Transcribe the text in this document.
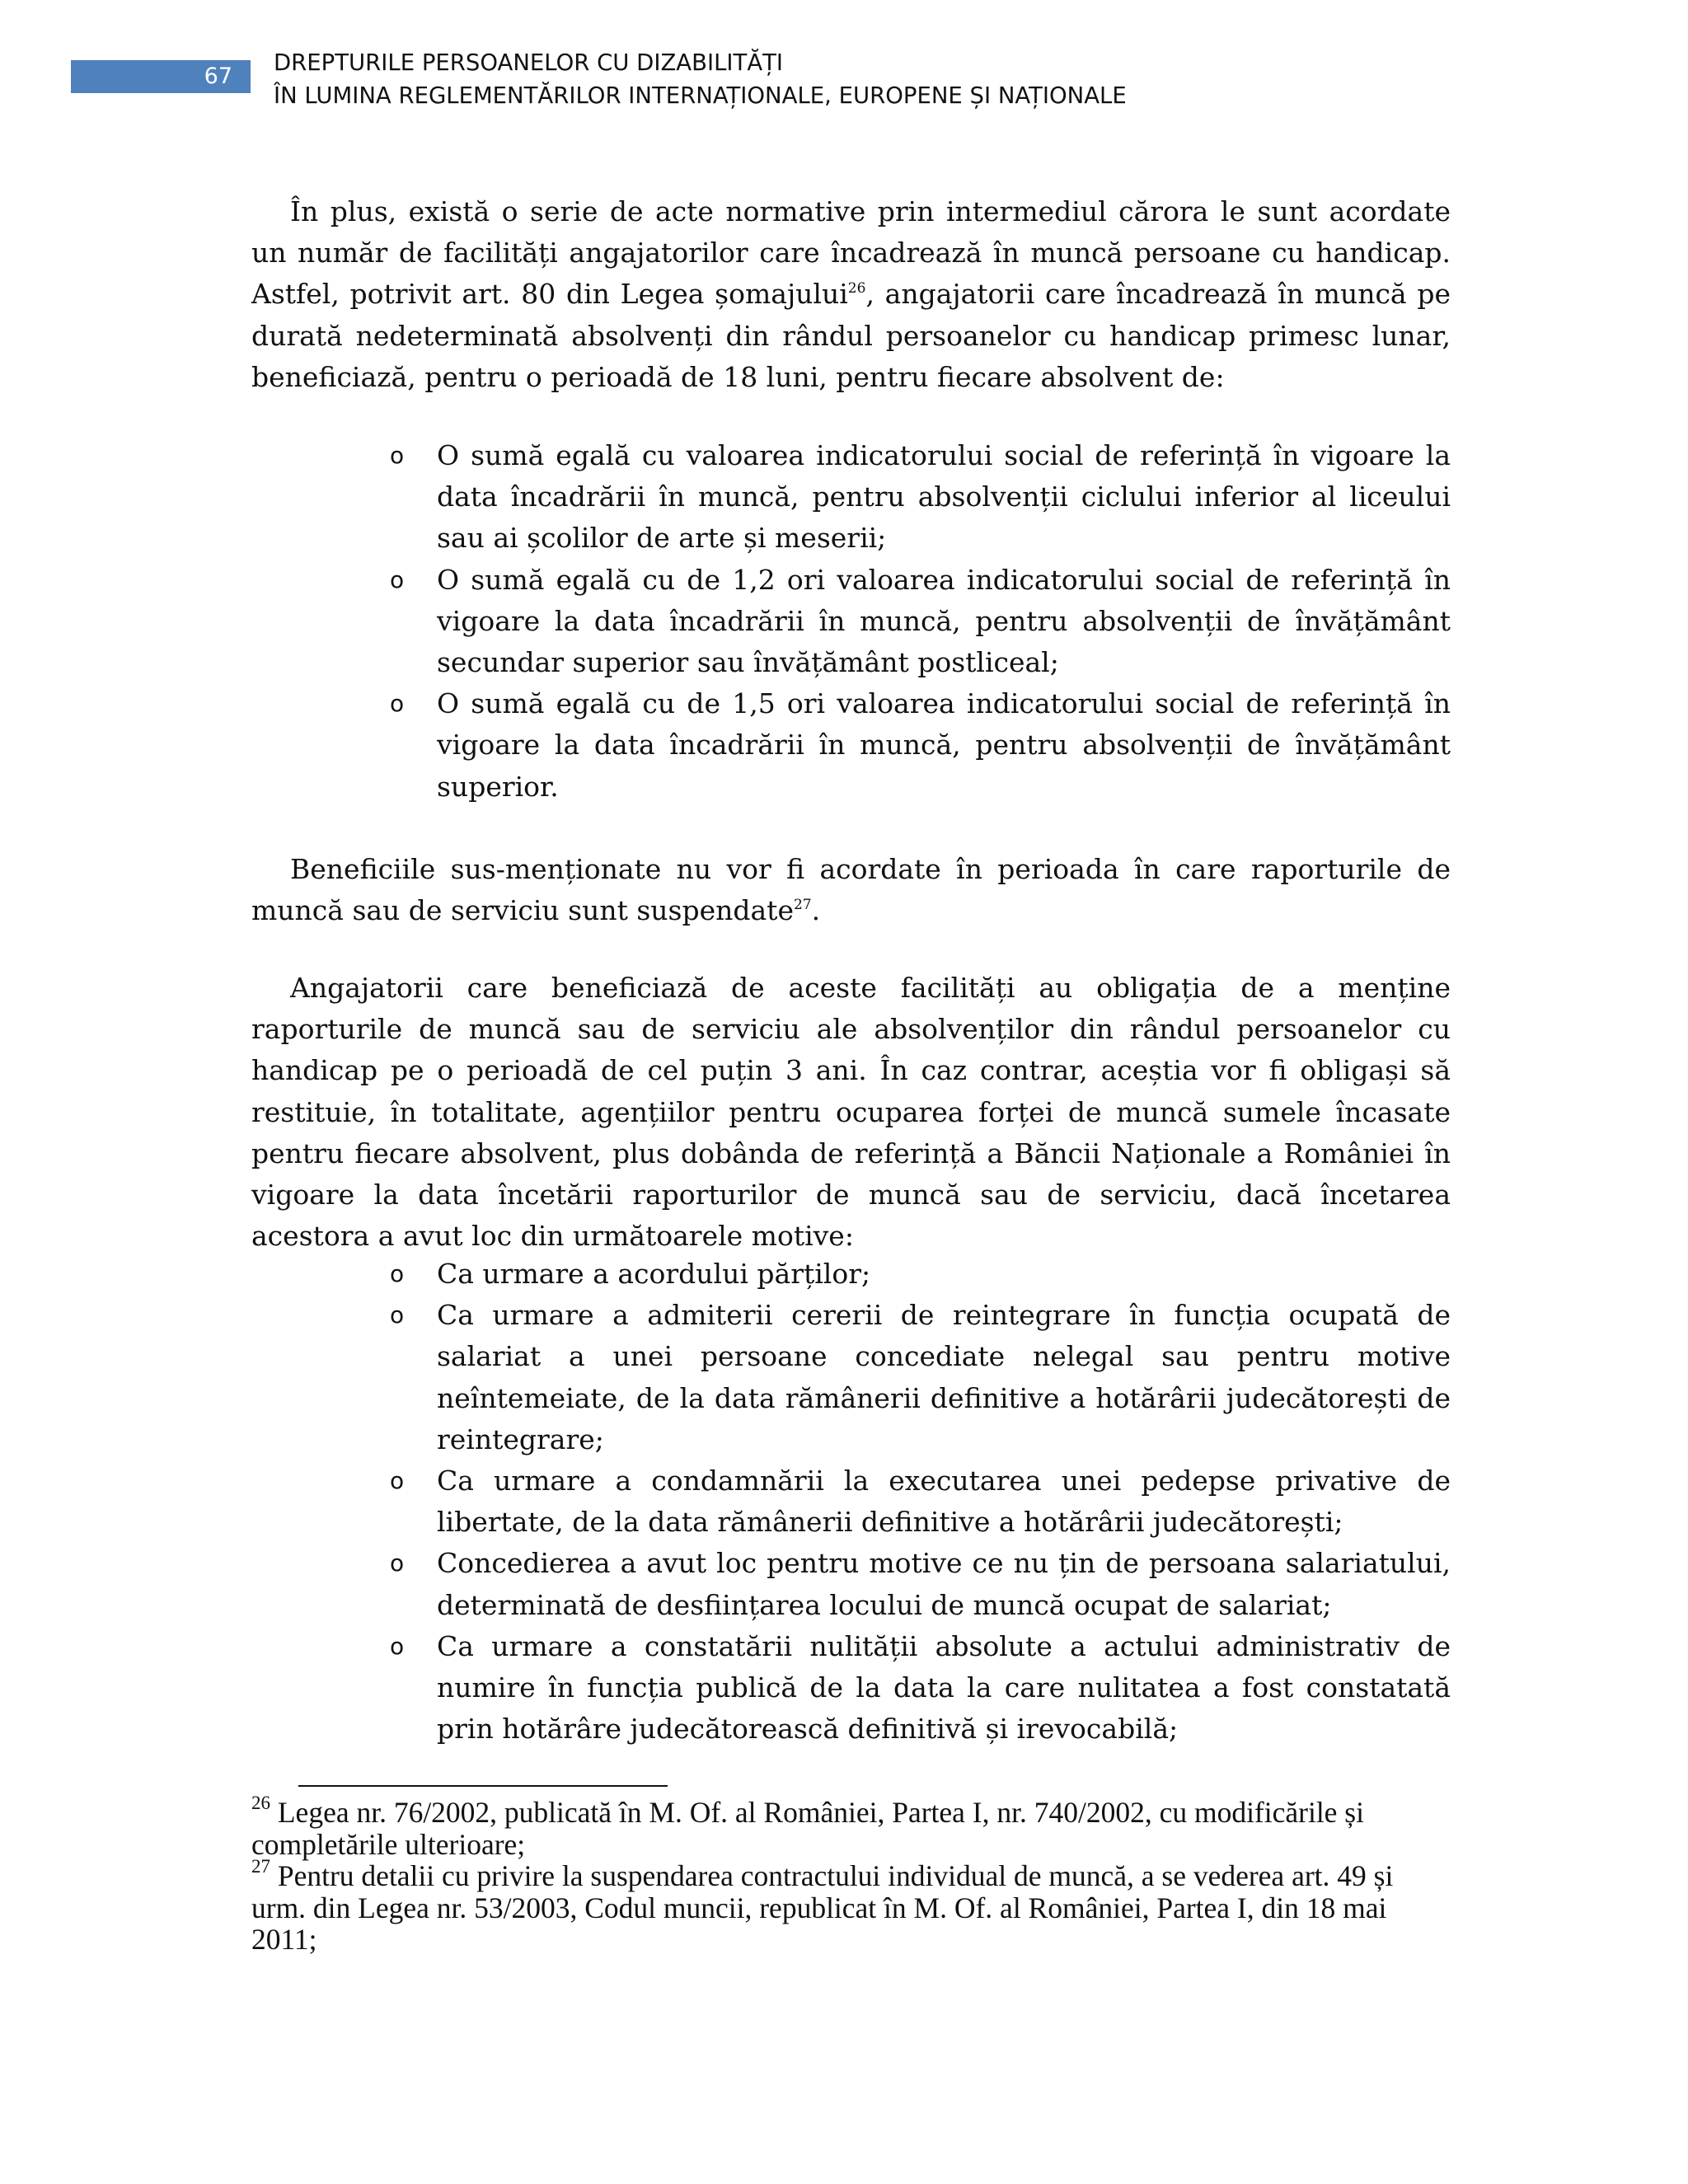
67
DREPTURILE PERSOANELOR CU DIZABILITĂȚI
ÎN LUMINA REGLEMENTĂRILOR INTERNAȚIONALE, EUROPENE ȘI NAȚIONALE

În plus, există o serie de acte normative prin intermediul cărora le sunt acordate un număr de facilități angajatorilor care încadrează în muncă persoane cu handicap. Astfel, potrivit art. 80 din Legea șomajului$^{26}$, angajatorii care încadrează în muncă pe durată nedeterminată absolvenți din rândul persoanelor cu handicap primesc lunar, beneficiază, pentru o perioadă de 18 luni, pentru fiecare absolvent de:

o O sumă egală cu valoarea indicatorului social de referință în vigoare la data încadrării în muncă, pentru absolvenții ciclului inferior al liceului sau ai școlilor de arte și meserii;
o O sumă egală cu de 1,2 ori valoarea indicatorului social de referință în vigoare la data încadrării în muncă, pentru absolvenții de învățământ secundar superior sau învățământ postliceal;
o O sumă egală cu de 1,5 ori valoarea indicatorului social de referință în vigoare la data încadrării în muncă, pentru absolvenții de învățământ superior.

Beneficiile sus-menționate nu vor fi acordate în perioada în care raporturile de muncă sau de serviciu sunt suspendate$^{27}$.

Angajatorii care beneficiază de aceste facilități au obligația de a menține raporturile de muncă sau de serviciu ale absolvenților din rândul persoanelor cu handicap pe o perioadă de cel puțin 3 ani. În caz contrar, aceștia vor fi obligași să restituie, în totalitate, agențiilor pentru ocuparea forței de muncă sumele încasate pentru fiecare absolvent, plus dobânda de referință a Băncii Naționale a României în vigoare la data încetării raporturilor de muncă sau de serviciu, dacă încetarea acestora a avut loc din următoarele motive:

o Ca urmare a acordului părților;
o Ca urmare a admiterii cererii de reintegrare în funcția ocupată de salariat a unei persoane concediate nelegal sau pentru motive neîntemeiate, de la data rămânerii definitive a hotărârii judecătorești de reintegrare;
o Ca urmare a condamnării la executarea unei pedepse privative de libertate, de la data rămânerii definitive a hotărârii judecătorești;
o Concedierea a avut loc pentru motive ce nu țin de persoana salariatului, determinată de desființarea locului de muncă ocupat de salariat;
o Ca urmare a constatării nulității absolute a actului administrativ de numire în funcția publică de la data la care nulitatea a fost constatată prin hotărâre judecătorească definitivă și irevocabilă;

$^{26}$ Legea nr. 76/2002, publicată în M. Of. al României, Partea I, nr. 740/2002, cu modificările și completările ulterioare;

$^{27}$ Pentru detalii cu privire la suspendarea contractului individual de muncă, a se vederea art. 49 și urm. din Legea nr. 53/2003, Codul muncii, republicat în M. Of. al României, Partea I, din 18 mai 2011;
